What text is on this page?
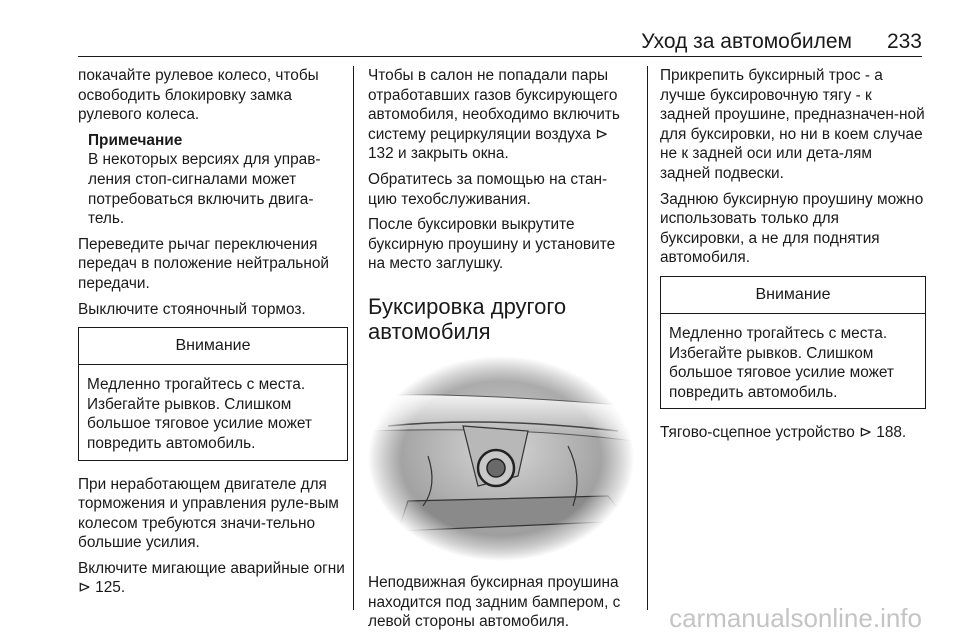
Уход за автомобилем 233

покачайте рулевое колесо, чтобы освободить блокировку замка рулевого колеса.

Примечание
В некоторых версиях для управ-ления стоп-сигналами может потребоваться включить двига-тель.

Переведите рычаг переключения передач в положение нейтральной передачи.

Выключите стояночный тормоз.

Внимание
Медленно трогайтесь с места. Избегайте рывков. Слишком большое тяговое усилие может повредить автомобиль.

При неработающем двигателе для торможения и управления руле-вым колесом требуются значи-тельно большие усилия.

Включите мигающие аварийные огни ⊳ 125.

Чтобы в салон не попадали пары отработавших газов буксирующего автомобиля, необходимо включить систему рециркуляции воздуха ⊳ 132 и закрыть окна.

Обратитесь за помощью на стан-цию техобслуживания.

После буксировки выкрутите буксирную проушину и установите на место заглушку.

Буксировка другого автомобиля

Неподвижная буксирная проушина находится под задним бампером, с левой стороны автомобиля.

Прикрепить буксирный трос - а лучше буксировочную тягу - к задней проушине, предназначен-ной для буксировки, но ни в коем случае не к задней оси или дета-лям задней подвески.

Заднюю буксирную проушину можно использовать только для буксировки, а не для поднятия автомобиля.

Внимание
Медленно трогайтесь с места. Избегайте рывков. Слишком большое тяговое усилие может повредить автомобиль.

Тягово-сцепное устройство ⊳ 188.

carmanualsonline.info
